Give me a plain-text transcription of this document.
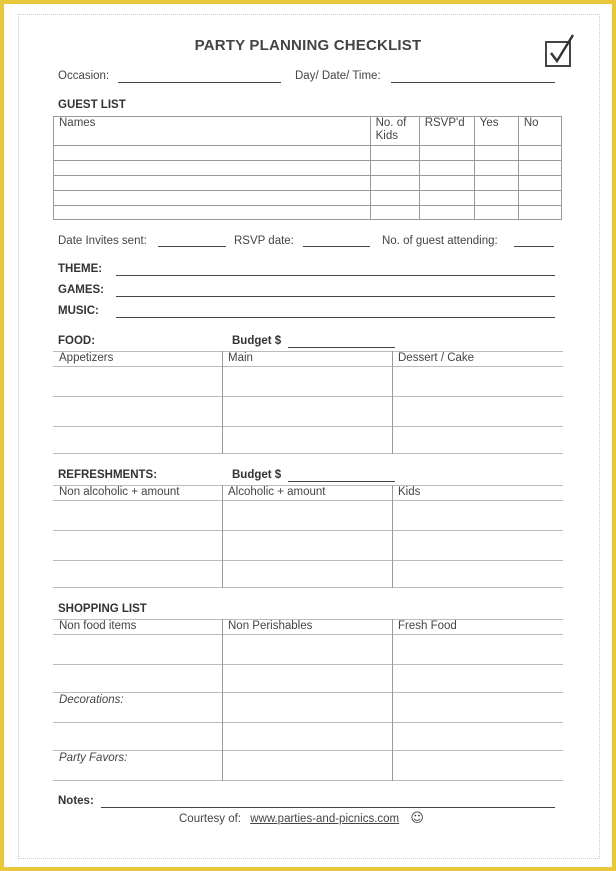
PARTY PLANNING CHECKLIST
Occasion:	Day/ Date/ Time:
GUEST LIST
Names	No. of Kids	RSVP'd	Yes	No

Date Invites sent:	RSVP date:	No. of guest attending:
THEME:
GAMES:
MUSIC:
FOOD:	Budget $
Appetizers	Main	Dessert / Cake
REFRESHMENTS:	Budget $
Non alcoholic + amount	Alcoholic + amount	Kids
SHOPPING LIST
Non food items	Non Perishables	Fresh Food
Decorations:
Party Favors:
Notes:
Courtesy of: www.parties-and-picnics.com ☺
